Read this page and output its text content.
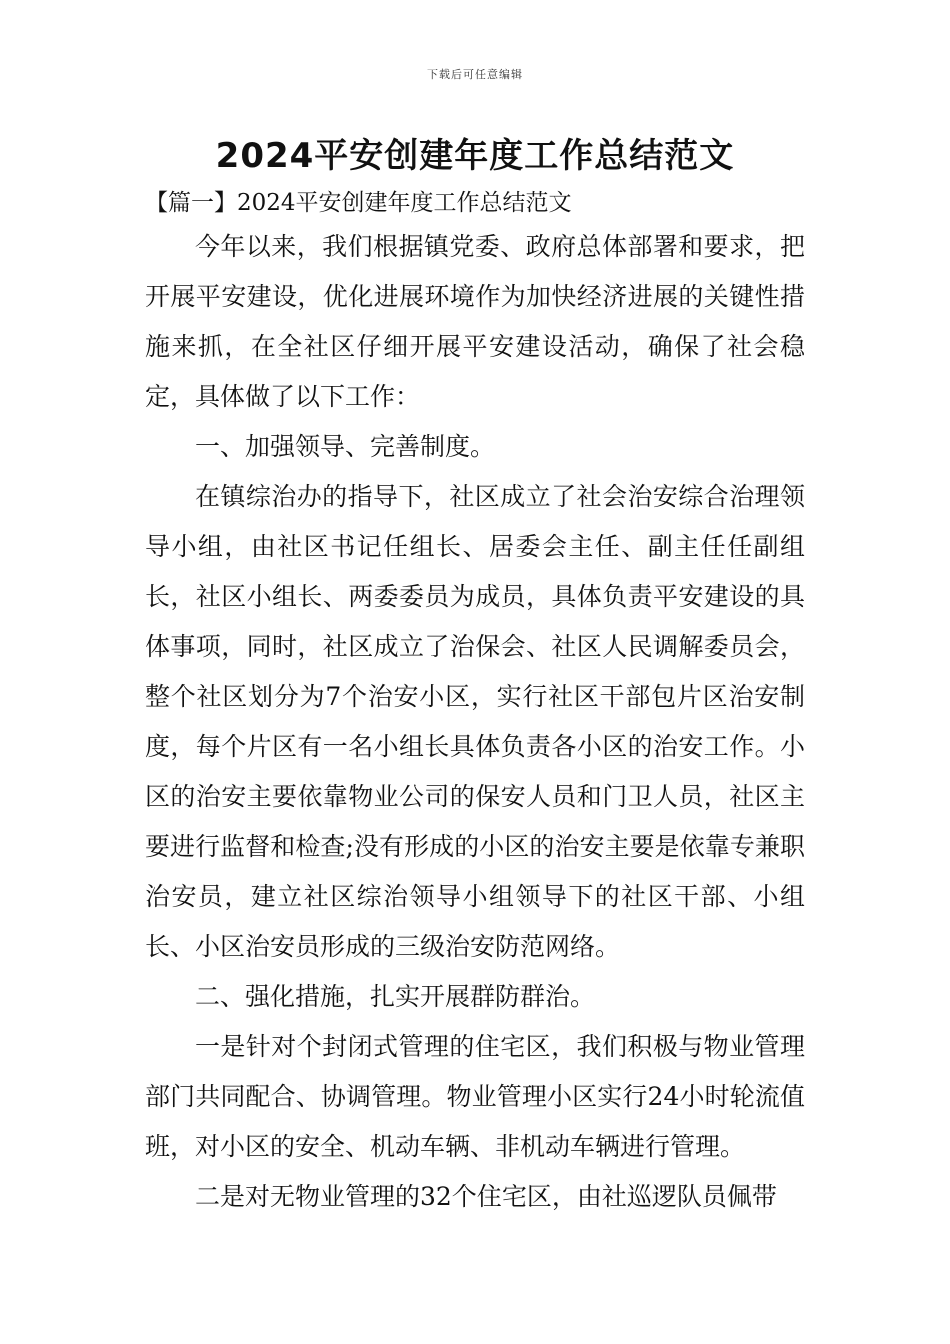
下载后可任意编辑
2024平安创建年度工作总结范文
【篇一】2024平安创建年度工作总结范文

今年以来，我们根据镇党委、政府总体部署和要求，把开展平安建设，优化进展环境作为加快经济进展的关键性措施来抓，在全社区仔细开展平安建设活动，确保了社会稳定，具体做了以下工作：

一、加强领导、完善制度。

在镇综治办的指导下，社区成立了社会治安综合治理领导小组，由社区书记任组长、居委会主任、副主任任副组长，社区小组长、两委委员为成员，具体负责平安建设的具体事项，同时，社区成立了治保会、社区人民调解委员会，整个社区划分为7个治安小区，实行社区干部包片区治安制度，每个片区有一名小组长具体负责各小区的治安工作。小区的治安主要依靠物业公司的保安人员和门卫人员，社区主要进行监督和检查;没有形成的小区的治安主要是依靠专兼职治安员，建立社区综治领导小组领导下的社区干部、小组长、小区治安员形成的三级治安防范网络。

二、强化措施，扎实开展群防群治。

一是针对个封闭式管理的住宅区，我们积极与物业管理部门共同配合、协调管理。物业管理小区实行24小时轮流值班，对小区的安全、机动车辆、非机动车辆进行管理。

二是对无物业管理的32个住宅区，由社巡逻队员佩带
